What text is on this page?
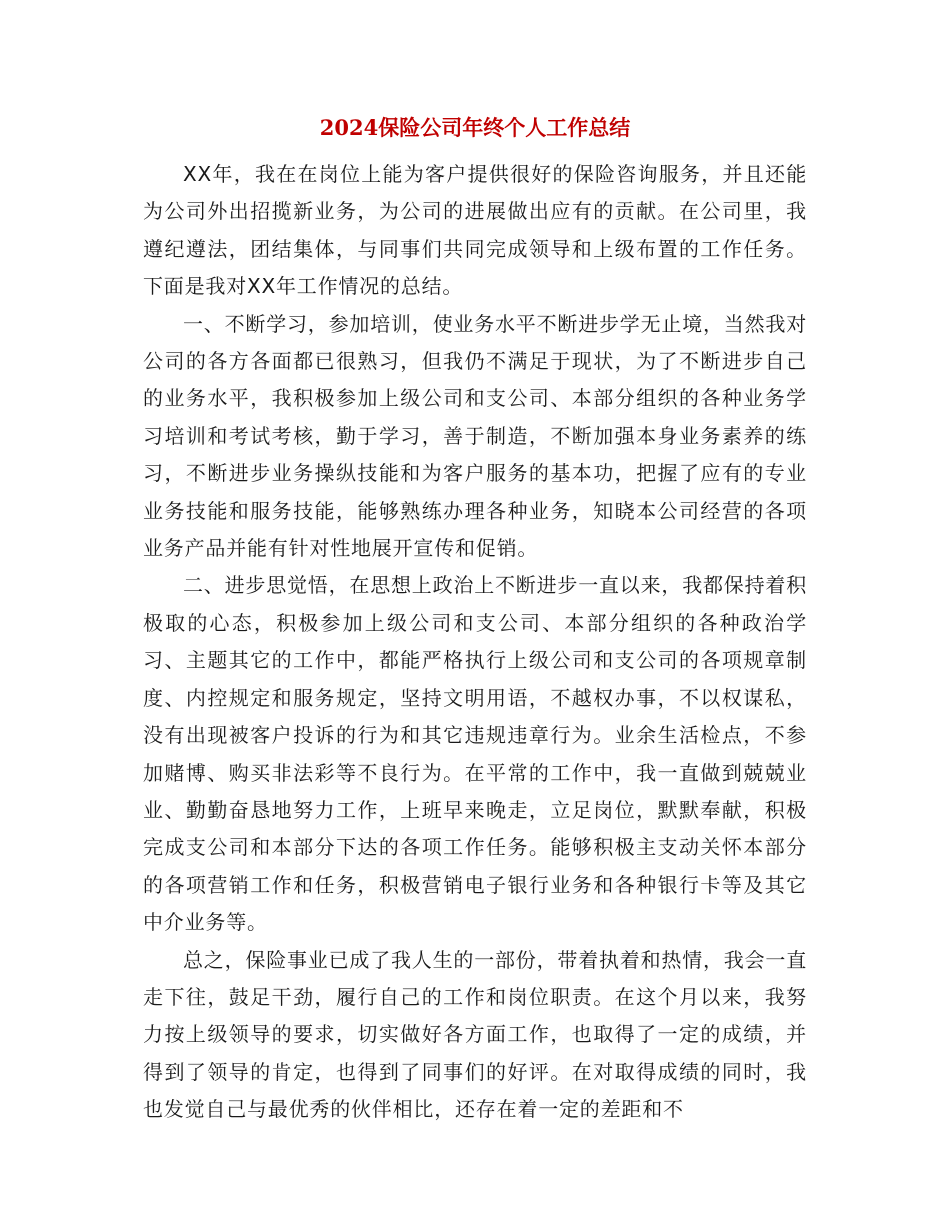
2024保险公司年终个人工作总结

XX年，我在在岗位上能为客户提供很好的保险咨询服务，并且还能为公司外出招揽新业务，为公司的进展做出应有的贡献。在公司里，我遵纪遵法，团结集体，与同事们共同完成领导和上级布置的工作任务。下面是我对XX年工作情况的总结。

一、不断学习，参加培训，使业务水平不断进步学无止境，当然我对公司的各方各面都已很熟习，但我仍不满足于现状，为了不断进步自己的业务水平，我积极参加上级公司和支公司、本部分组织的各种业务学习培训和考试考核，勤于学习，善于制造，不断加强本身业务素养的练习，不断进步业务操纵技能和为客户服务的基本功，把握了应有的专业业务技能和服务技能，能够熟练办理各种业务，知晓本公司经营的各项业务产品并能有针对性地展开宣传和促销。

二、进步思觉悟，在思想上政治上不断进步一直以来，我都保持着积极取的心态，积极参加上级公司和支公司、本部分组织的各种政治学习、主题其它的工作中，都能严格执行上级公司和支公司的各项规章制度、内控规定和服务规定，坚持文明用语，不越权办事，不以权谋私，没有出现被客户投诉的行为和其它违规违章行为。业余生活检点，不参加赌博、购买非法彩等不良行为。在平常的工作中，我一直做到兢兢业业、勤勤奋恳地努力工作，上班早来晚走，立足岗位，默默奉献，积极完成支公司和本部分下达的各项工作任务。能够积极主支动关怀本部分的各项营销工作和任务，积极营销电子银行业务和各种银行卡等及其它中介业务等。

总之，保险事业已成了我人生的一部份，带着执着和热情，我会一直走下往，鼓足干劲，履行自己的工作和岗位职责。在这个月以来，我努力按上级领导的要求，切实做好各方面工作，也取得了一定的成绩，并得到了领导的肯定，也得到了同事们的好评。在对取得成绩的同时，我也发觉自己与最优秀的伙伴相比，还存在着一定的差距和不
